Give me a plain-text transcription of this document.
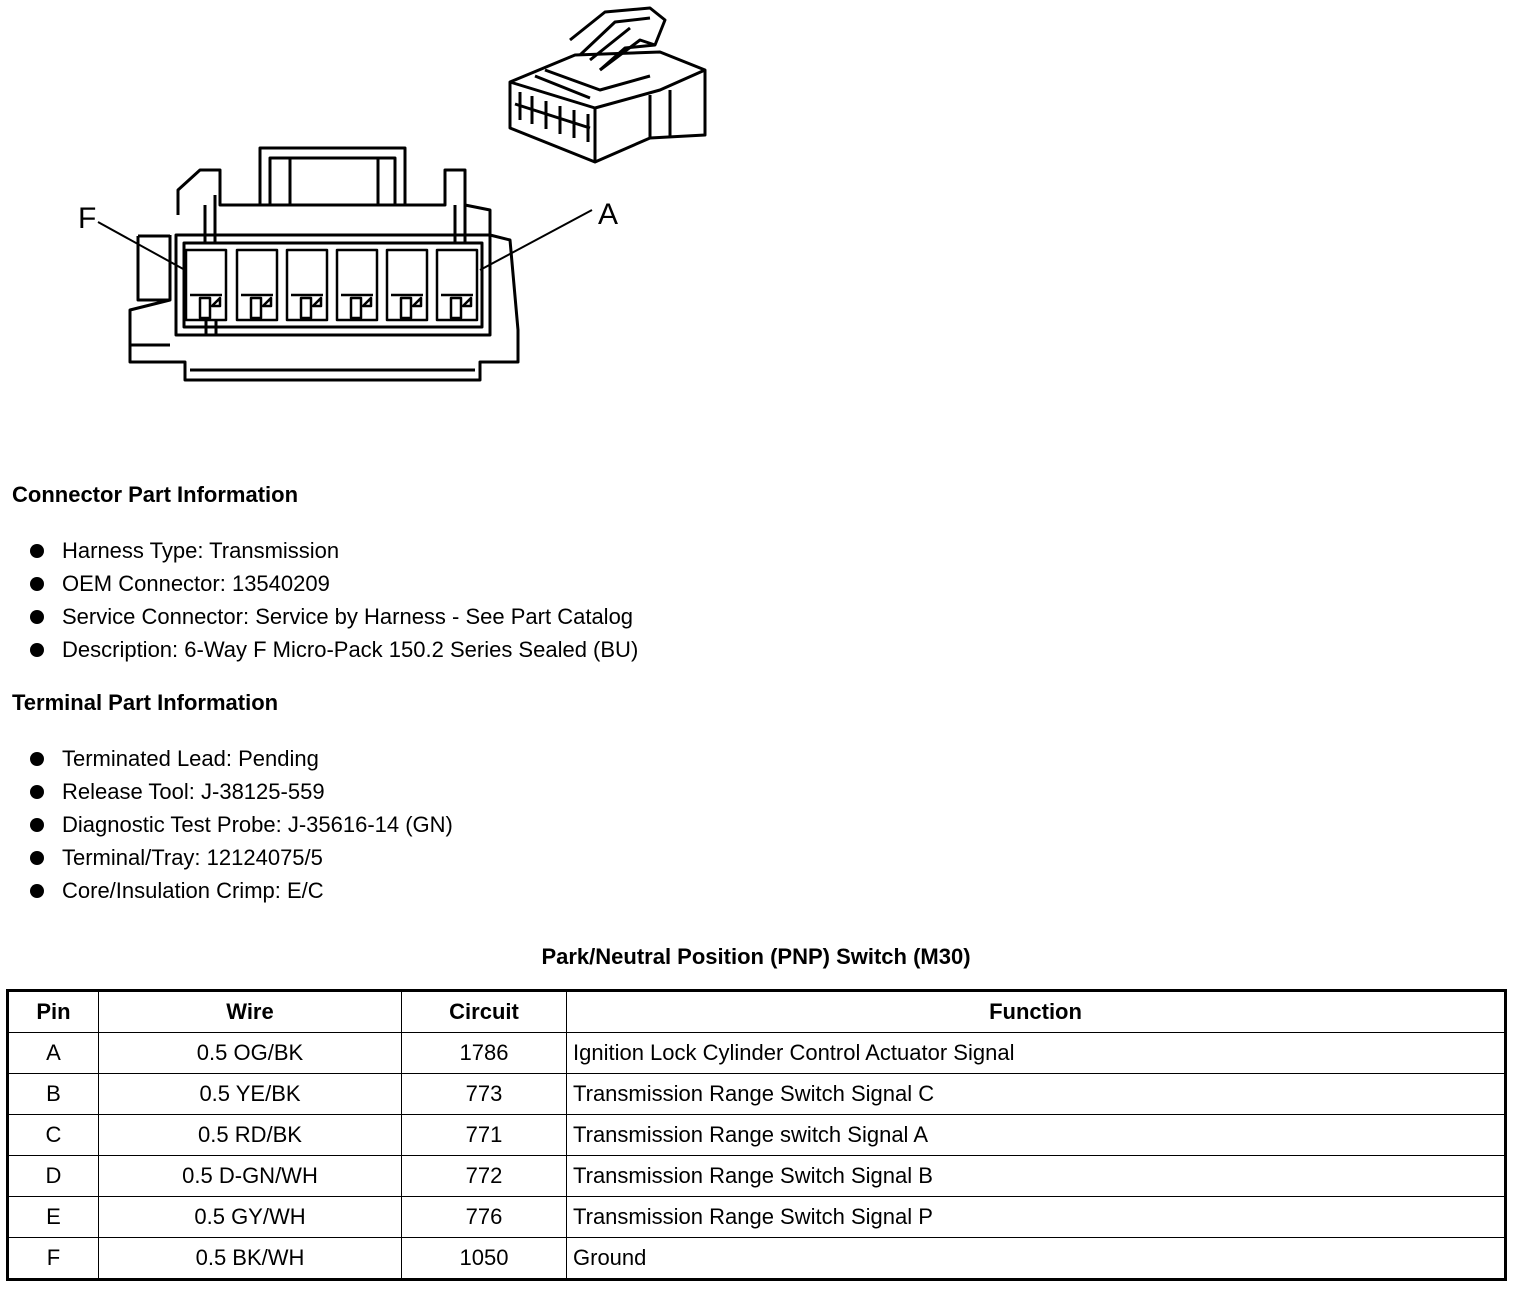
F	A
Connector Part Information
Harness Type: Transmission
OEM Connector: 13540209
Service Connector: Service by Harness - See Part Catalog
Description: 6-Way F Micro-Pack 150.2 Series Sealed (BU)
Terminal Part Information
Terminated Lead: Pending
Release Tool: J-38125-559
Diagnostic Test Probe: J-35616-14 (GN)
Terminal/Tray: 12124075/5
Core/Insulation Crimp: E/C
Park/Neutral Position (PNP) Switch (M30)
Pin	Wire	Circuit	Function
A	0.5 OG/BK	1786	Ignition Lock Cylinder Control Actuator Signal
B	0.5 YE/BK	773	Transmission Range Switch Signal C
C	0.5 RD/BK	771	Transmission Range switch Signal A
D	0.5 D-GN/WH	772	Transmission Range Switch Signal B
E	0.5 GY/WH	776	Transmission Range Switch Signal P
F	0.5 BK/WH	1050	Ground
